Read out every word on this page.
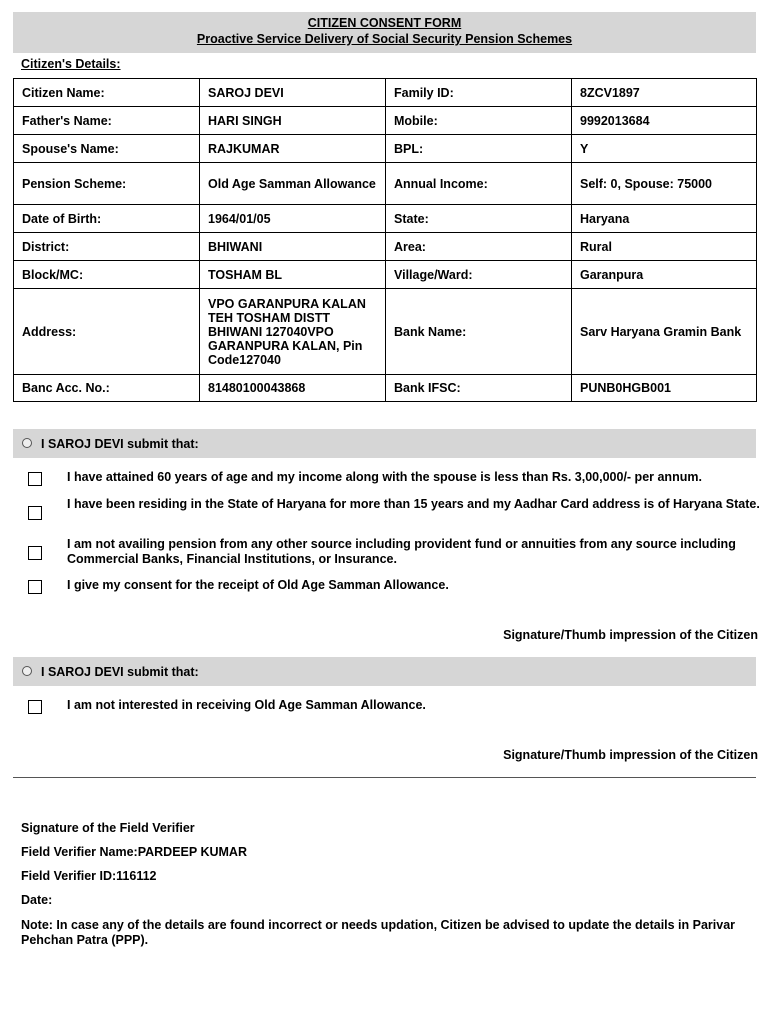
CITIZEN CONSENT FORM
Proactive Service Delivery of Social Security Pension Schemes
Citizen's Details:
Citizen Name:	SAROJ DEVI	Family ID:	8ZCV1897
Father's Name:	HARI SINGH	Mobile:	9992013684
Spouse's Name:	RAJKUMAR	BPL:	Y
Pension Scheme:	Old Age Samman Allowance	Annual Income:	Self: 0, Spouse: 75000
Date of Birth:	1964/01/05	State:	Haryana
District:	BHIWANI	Area:	Rural
Block/MC:	TOSHAM BL	Village/Ward:	Garanpura
Address:	VPO GARANPURA KALAN TEH TOSHAM DISTT BHIWANI 127040VPO GARANPURA KALAN, Pin Code127040	Bank Name:	Sarv Haryana Gramin Bank
Banc Acc. No.:	81480100043868	Bank IFSC:	PUNB0HGB001
I SAROJ DEVI submit that:
I have attained 60 years of age and my income along with the spouse is less than Rs. 3,00,000/- per annum.
I have been residing in the State of Haryana for more than 15 years and my Aadhar Card address is of Haryana State.
I am not availing pension from any other source including provident fund or annuities from any source including Commercial Banks, Financial Institutions, or Insurance.
I give my consent for the receipt of Old Age Samman Allowance.
Signature/Thumb impression of the Citizen
I SAROJ DEVI submit that:
I am not interested in receiving Old Age Samman Allowance.
Signature/Thumb impression of the Citizen
Signature of the Field Verifier
Field Verifier Name:PARDEEP KUMAR
Field Verifier ID:116112
Date:
Note: In case any of the details are found incorrect or needs updation, Citizen be advised to update the details in Parivar Pehchan Patra (PPP).
